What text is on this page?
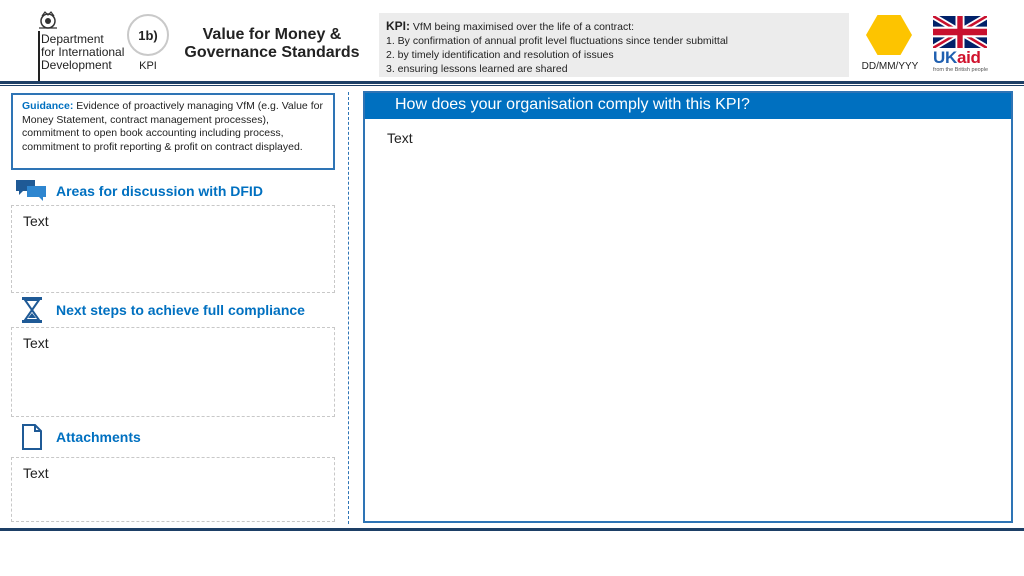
Department
for International
Development
1b)
KPI
Value for Money & Governance Standards
KPI: VfM being maximised over the life of a contract:
1. By confirmation of annual profit level fluctuations since tender submittal
2. by timely identification and resolution of issues
3. ensuring lessons learned are shared	DD/MM/YYY UKaid
from the British people
Guidance: Evidence of proactively managing VfM (e.g. Value for Money Statement, contract management processes), commitment to open book accounting including process, commitment to profit reporting & profit on contract displayed.
Areas for discussion with DFID
Text
Next steps to achieve full compliance
Text
Attachments
Text
How does your organisation comply with this KPI?
Text
